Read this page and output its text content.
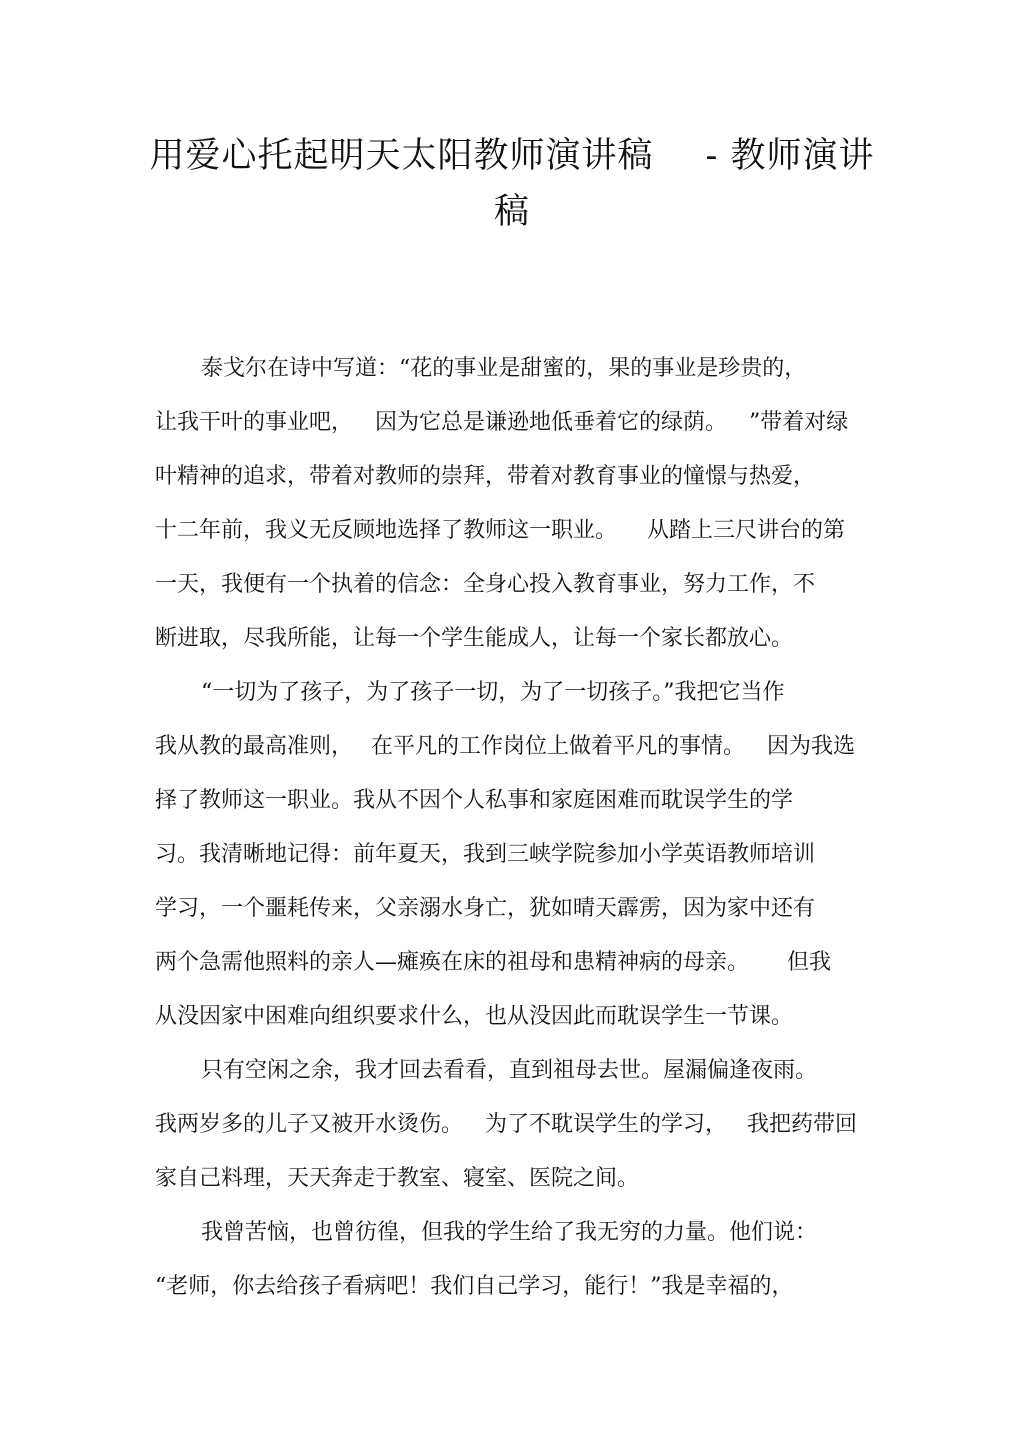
用爱心托起明天太阳教师演讲稿 - 教师演讲
稿
泰戈尔在诗中写道：“花的事业是甜蜜的，果的事业是珍贵的，
让我干叶的事业吧， 因为它总是谦逊地低垂着它的绿荫。 ”带着对绿
叶精神的追求，带着对教师的崇拜，带着对教育事业的憧憬与热爱，
十二年前，我义无反顾地选择了教师这一职业。 从踏上三尺讲台的第
一天，我便有一个执着的信念：全身心投入教育事业，努力工作，不
断进取，尽我所能，让每一个学生能成人，让每一个家长都放心。
“一切为了孩子，为了孩子一切，为了一切孩子。”我把它当作
我从教的最高准则， 在平凡的工作岗位上做着平凡的事情。 因为我选
择了教师这一职业。我从不因个人私事和家庭困难而耽误学生的学
习。我清晰地记得：前年夏天，我到三峡学院参加小学英语教师培训
学习，一个噩耗传来，父亲溺水身亡，犹如晴天霹雳，因为家中还有
两个急需他照料的亲人—瘫痪在床的祖母和患精神病的母亲。 但我
从没因家中困难向组织要求什么，也从没因此而耽误学生一节课。
只有空闲之余，我才回去看看，直到祖母去世。屋漏偏逢夜雨。
我两岁多的儿子又被开水烫伤。 为了不耽误学生的学习， 我把药带回
家自己料理，天天奔走于教室、寝室、医院之间。
我曾苦恼，也曾彷徨，但我的学生给了我无穷的力量。他们说：
“老师，你去给孩子看病吧！我们自己学习，能行！”我是幸福的，
